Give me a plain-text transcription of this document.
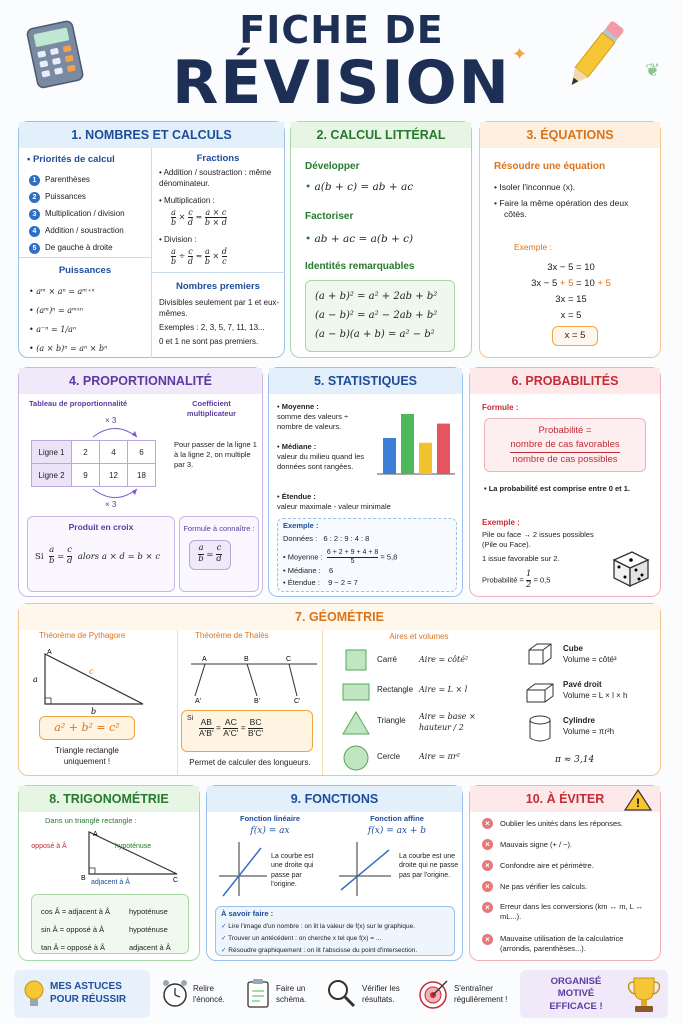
FICHE DE
RÉVISION ✦
❦
1. NOMBRES ET CALCULS
• Priorités de calcul
1 Parenthèses
2 Puissances
3 Multiplication / division
4 Addition / soustraction
5 De gauche à droite
Puissances
• aᵐ × aⁿ = aᵐ⁺ⁿ
• (aᵐ)ⁿ = aᵐˣⁿ
• a⁻ⁿ = 1/aⁿ
• (a × b)ⁿ = aⁿ × bⁿ
Fractions
• Addition / soustraction : même dénominateur.
• Multiplication :
$\frac{a}{b} \times \frac{c}{d} = \frac{a \times c}{b \times d}$
• Division :
$\frac{a}{b} \div \frac{c}{d} = \frac{a}{b} \times \frac{d}{c}$
Nombres premiers
Divisibles seulement par 1 et eux-mêmes.
Exemples : 2, 3, 5, 7, 11, 13...
0 et 1 ne sont pas premiers.
2. CALCUL LITTÉRAL
Développer
• a(b + c) = ab + ac
Factoriser
• ab + ac = a(b + c)
Identités remarquables
(a + b)² = a² + 2ab + b²
(a − b)² = a² − 2ab + b²
(a − b)(a + b) = a² − b²
3. ÉQUATIONS
Résoudre une équation
• Isoler l'inconnue (x).
• Faire la même opération des deux côtés.
Exemple :
3x − 5 = 10
3x − 5 + 5 = 10 + 5
3x = 15
x = 5
x = 5
4. PROPORTIONNALITÉ
Tableau de proportionnalité	Coefficient multiplicateur
× 3
Ligne 1	2	4	6
Ligne 2	9	12	18
× 3
Pour passer de la ligne 1 à la ligne 2, on multiple par 3.
Produit en croix
Si $\frac{a}{b} = \frac{c}{d}$ alors a × d = b × c
Formule à connaître :
$\frac{a}{b} = \frac{c}{d}$
5. STATISTIQUES
• Moyenne :
somme des valeurs ÷ nombre de valeurs.
• Médiane :
valeur du milieu quand les données sont rangées.
• Étendue :
valeur maximale - valeur minimale
Exemple :
Données : 6 : 2 : 9 : 4 : 8
• Moyenne : $\frac{6 + 2 + 9 + 4 + 8}{5} = 5,8$
• Médiane : 6
• Étendue : 9 − 2 = 7
6. PROBABILITÉS
Formule :
Probabilité =
nombre de cas favorables
nombre de cas possibles
• La probabilité est comprise entre 0 et 1.
Exemple :
Pile ou face → 2 issues possibles (Pile ou Face).
1 issue favorable sur 2.
Probabilité = $\frac{1}{2} = 0,5$
7. GÉOMÉTRIE
Théorème de Pythagore
A
a
c
b
a² + b² = c²
Triangle rectangle uniquement !
Théorème de Thalès
A	B	C
A'	B'	C'
Si $\frac{AB}{A'B'} = \frac{AC}{A'C'} = \frac{BC}{B'C'}$
Permet de calculer des longueurs.
Aires et volumes
Carré	Aire = côté²
Rectangle Aire = L × l
Triangle Aire = base × hauteur / 2
Cercle Aire = πr²
Cube
Volume = côté³
Pavé droit
Volume = L × l × h
Cylindre
Volume = πr²h
π ≈ 3,14
8. TRIGONOMÉTRIE
Dans un triangle rectangle :
A
B	C
opposé à Â	hypoténuse
adjacent à Â
cos Â = adjacent à Â	hypoténuse
sin Â = opposé à Â	hypoténuse
tan Â = opposé à Â	adjacent à Â
9. FONCTIONS
Fonction linéaire
f(x) = ax
La courbe est une droite qui passe par l'origine.
Fonction affine
f(x) = ax + b
La courbe est une droite qui ne passe pas par l'origine.
À savoir faire :
✓ Lire l'image d'un nombre : on lit la valeur de f(x) sur le graphique.
✓ Trouver un antécédent : on cherche x tel que f(x) = ...
✓ Résoudre graphiquement : on lit l'abscisse du point d'intersection.
10. À ÉVITER	!
× Oublier les unités dans les réponses.
× Mauvais signe (+ / −).
× Confondre aire et périmètre.
× Ne pas vérifier les calculs.
×	Erreur dans les conversions (km ↔ m, L ↔ mL...).
×	Mauvaise utilisation de la calculatrice (arrondis, parenthèses...).
MES ASTUCES POUR RÉUSSIR
Relire l'énoncé.
Faire un schéma.
Vérifier les résultats.
S'entraîner régulièrement !
ORGANISÉ
MOTIVÉ
EFFICACE !
